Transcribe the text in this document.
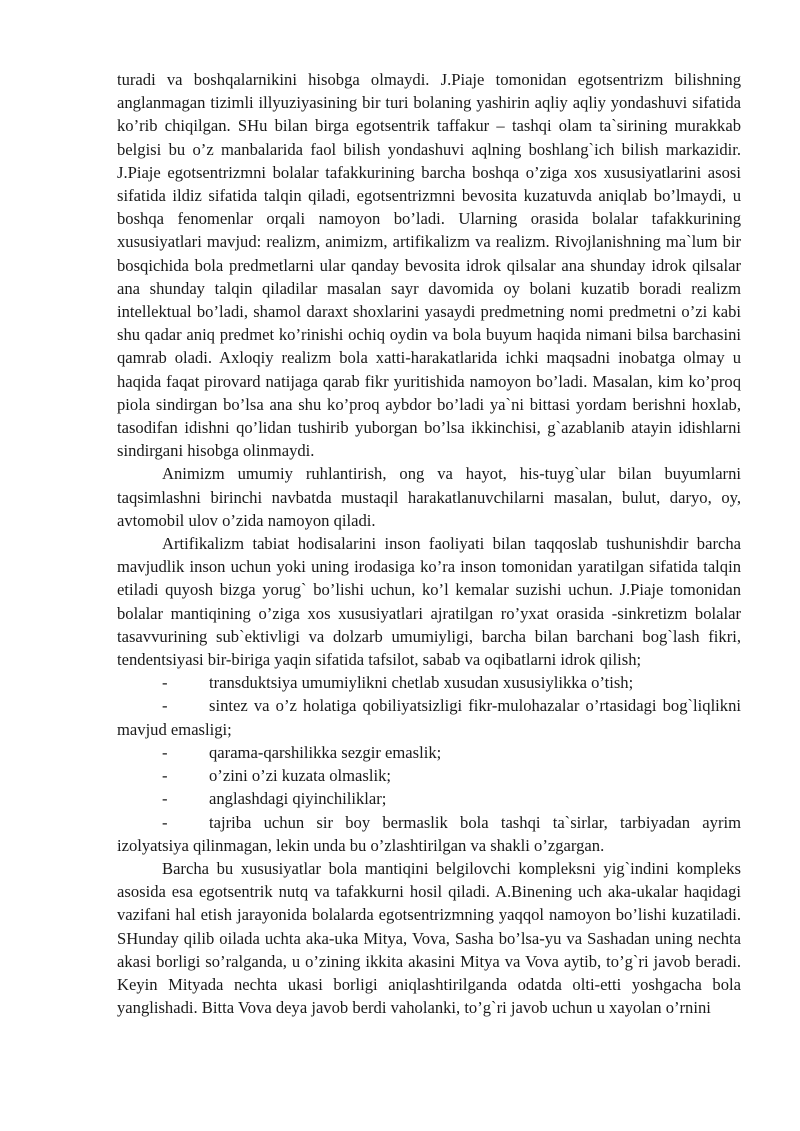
turadi va boshqalarnikini hisobga olmaydi. J.Piaje tomonidan egotsentrizm bilishning anglanmagan tizimli illyuziyasining bir turi bolaning yashirin aqliy aqliy yondashuvi sifatida ko’rib chiqilgan. SHu bilan birga egotsentrik taffakur – tashqi olam ta`sirining murakkab belgisi bu o’z manbalarida faol bilish yondashuvi aqlning boshlang`ich bilish markazidir. J.Piaje egotsentrizmni bolalar tafakkurining barcha boshqa o’ziga xos xususiyatlarini asosi sifatida ildiz sifatida talqin qiladi, egotsentrizmni bevosita kuzatuvda aniqlab bo’lmaydi, u boshqa fenomenlar orqali namoyon bo’ladi. Ularning orasida bolalar tafakkurining xususiyatlari mavjud: realizm, animizm, artifikalizm va realizm. Rivojlanishning ma`lum bir bosqichida bola predmetlarni ular qanday bevosita idrok qilsalar ana shunday idrok qilsalar ana shunday talqin qiladilar masalan sayr davomida oy bolani kuzatib boradi realizm intellektual bo’ladi, shamol daraxt shoxlarini yasaydi predmetning nomi predmetni o’zi kabi shu qadar aniq predmet ko’rinishi ochiq oydin va bola buyum haqida nimani bilsa barchasini qamrab oladi. Axloqiy realizm bola xatti-harakatlarida ichki maqsadni inobatga olmay u haqida faqat pirovard natijaga qarab fikr yuritishida namoyon bo’ladi. Masalan, kim ko’proq piola sindirgan bo’lsa ana shu ko’proq aybdor bo’ladi ya`ni bittasi yordam berishni hoxlab, tasodifan idishni qo’lidan tushirib yuborgan bo’lsa ikkinchisi, g`azablanib atayin idishlarni sindirgani hisobga olinmaydi.

Animizm umumiy ruhlantirish, ong va hayot, his-tuyg`ular bilan buyumlarni taqsimlashni birinchi navbatda mustaqil harakatlanuvchilarni masalan, bulut, daryo, oy, avtomobil ulov o’zida namoyon qiladi.

Artifikalizm tabiat hodisalarini inson faoliyati bilan taqqoslab tushunishdir barcha mavjudlik inson uchun yoki uning irodasiga ko’ra inson tomonidan yaratilgan sifatida talqin etiladi quyosh bizga yorug` bo’lishi uchun, ko’l kemalar suzishi uchun. J.Piaje tomonidan bolalar mantiqining o’ziga xos xususiyatlari ajratilgan ro’yxat orasida -sinkretizm bolalar tasavvurining sub`ektivligi va dolzarb umumiyligi, barcha bilan barchani bog`lash fikri, tendentsiyasi bir-biriga yaqin sifatida tafsilot, sabab va oqibatlarni idrok qilish;

- transduktsiya umumiylikni chetlab xusudan xususiylikka o’tish;

- sintez va o’z holatiga qobiliyatsizligi fikr-mulohazalar o’rtasidagi bog`liqlikni mavjud emasligi;

- qarama-qarshilikka sezgir emaslik;

- o’zini o’zi kuzata olmaslik;

- anglashdagi qiyinchiliklar;

- tajriba uchun sir boy bermaslik bola tashqi ta`sirlar, tarbiyadan ayrim izolyatsiya qilinmagan, lekin unda bu o’zlashtirilgan va shakli o’zgargan.

Barcha bu xususiyatlar bola mantiqini belgilovchi kompleksni yig`indini kompleks asosida esa egotsentrik nutq va tafakkurni hosil qiladi. A.Binening uch aka-ukalar haqidagi vazifani hal etish jarayonida bolalarda egotsentrizmning yaqqol namoyon bo’lishi kuzatiladi. SHunday qilib oilada uchta aka-uka Mitya, Vova, Sasha bo’lsa-yu va Sashadan uning nechta akasi borligi so’ralganda, u o’zining ikkita akasini Mitya va Vova aytib, to’g`ri javob beradi. Keyin Mityada nechta ukasi borligi aniqlashtirilganda odatda olti-etti yoshgacha bola yanglishadi. Bitta Vova deya javob berdi vaholanki, to’g`ri javob uchun u xayolan o’rnini
